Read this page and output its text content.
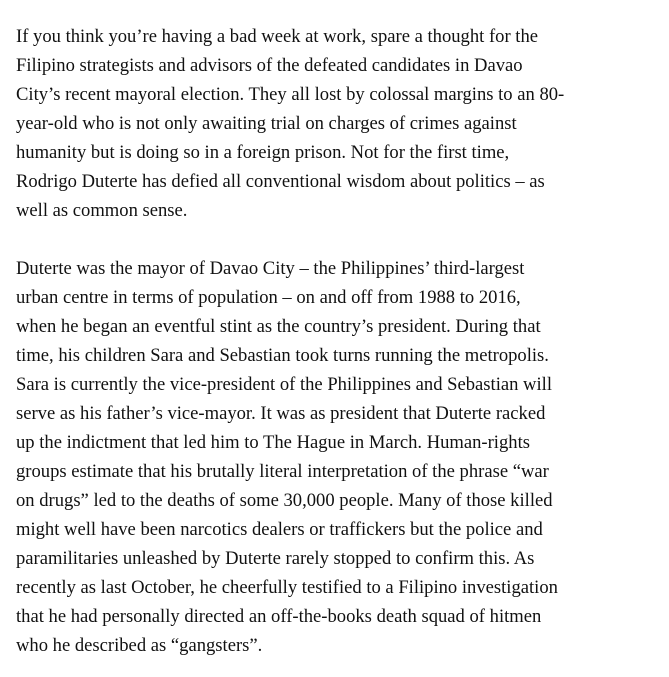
If you think you’re having a bad week at work, spare a thought for the
Filipino strategists and advisors of the defeated candidates in Davao
City’s recent mayoral election. They all lost by colossal margins to an 80-
year-old who is not only awaiting trial on charges of crimes against
humanity but is doing so in a foreign prison. Not for the first time,
Rodrigo Duterte has defied all conventional wisdom about politics – as
well as common sense.

Duterte was the mayor of Davao City – the Philippines’ third-largest
urban centre in terms of population – on and off from 1988 to 2016,
when he began an eventful stint as the country’s president. During that
time, his children Sara and Sebastian took turns running the metropolis.
Sara is currently the vice-president of the Philippines and Sebastian will
serve as his father’s vice-mayor. It was as president that Duterte racked
up the indictment that led him to The Hague in March. Human-rights
groups estimate that his brutally literal interpretation of the phrase “war
on drugs” led to the deaths of some 30,000 people. Many of those killed
might well have been narcotics dealers or traffickers but the police and
paramilitaries unleashed by Duterte rarely stopped to confirm this. As
recently as last October, he cheerfully testified to a Filipino investigation
that he had personally directed an off-the-books death squad of hitmen
who he described as “gangsters”.
